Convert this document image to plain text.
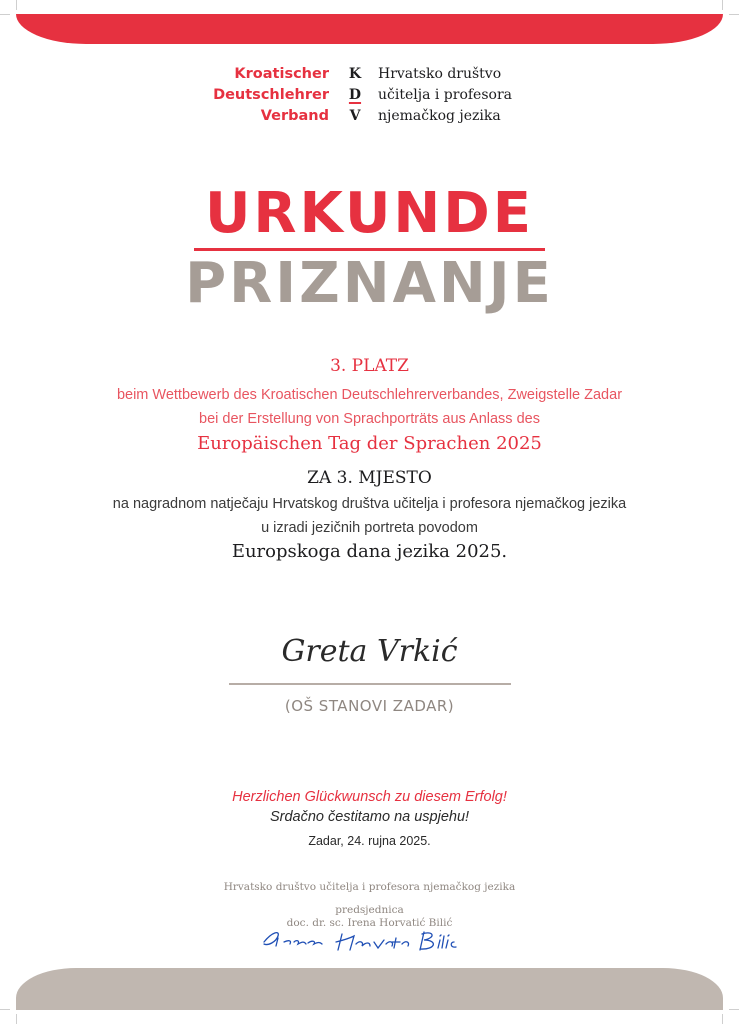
Kroatischer
Deutschlehrer
Verband
K
D
V
Hrvatsko društvo
učitelja i profesora
njemačkog jezika
URKUNDE
PRIZNANJE
3. PLATZ
beim Wettbewerb des Kroatischen Deutschlehrerverbandes, Zweigstelle Zadar
bei der Erstellung von Sprachporträts aus Anlass des
Europäischen Tag der Sprachen 2025
ZA 3. MJESTO
na nagradnom natječaju Hrvatskog društva učitelja i profesora njemačkog jezika
u izradi jezičnih portreta povodom
Europskoga dana jezika 2025.
Greta Vrkić
(OŠ STANOVI ZADAR)
Herzlichen Glückwunsch zu diesem Erfolg!
Srdačno čestitamo na uspjehu!
Zadar, 24. rujna 2025.
Hrvatsko društvo učitelja i profesora njemačkog jezika
predsjednica
doc. dr. sc. Irena Horvatić Bilić
